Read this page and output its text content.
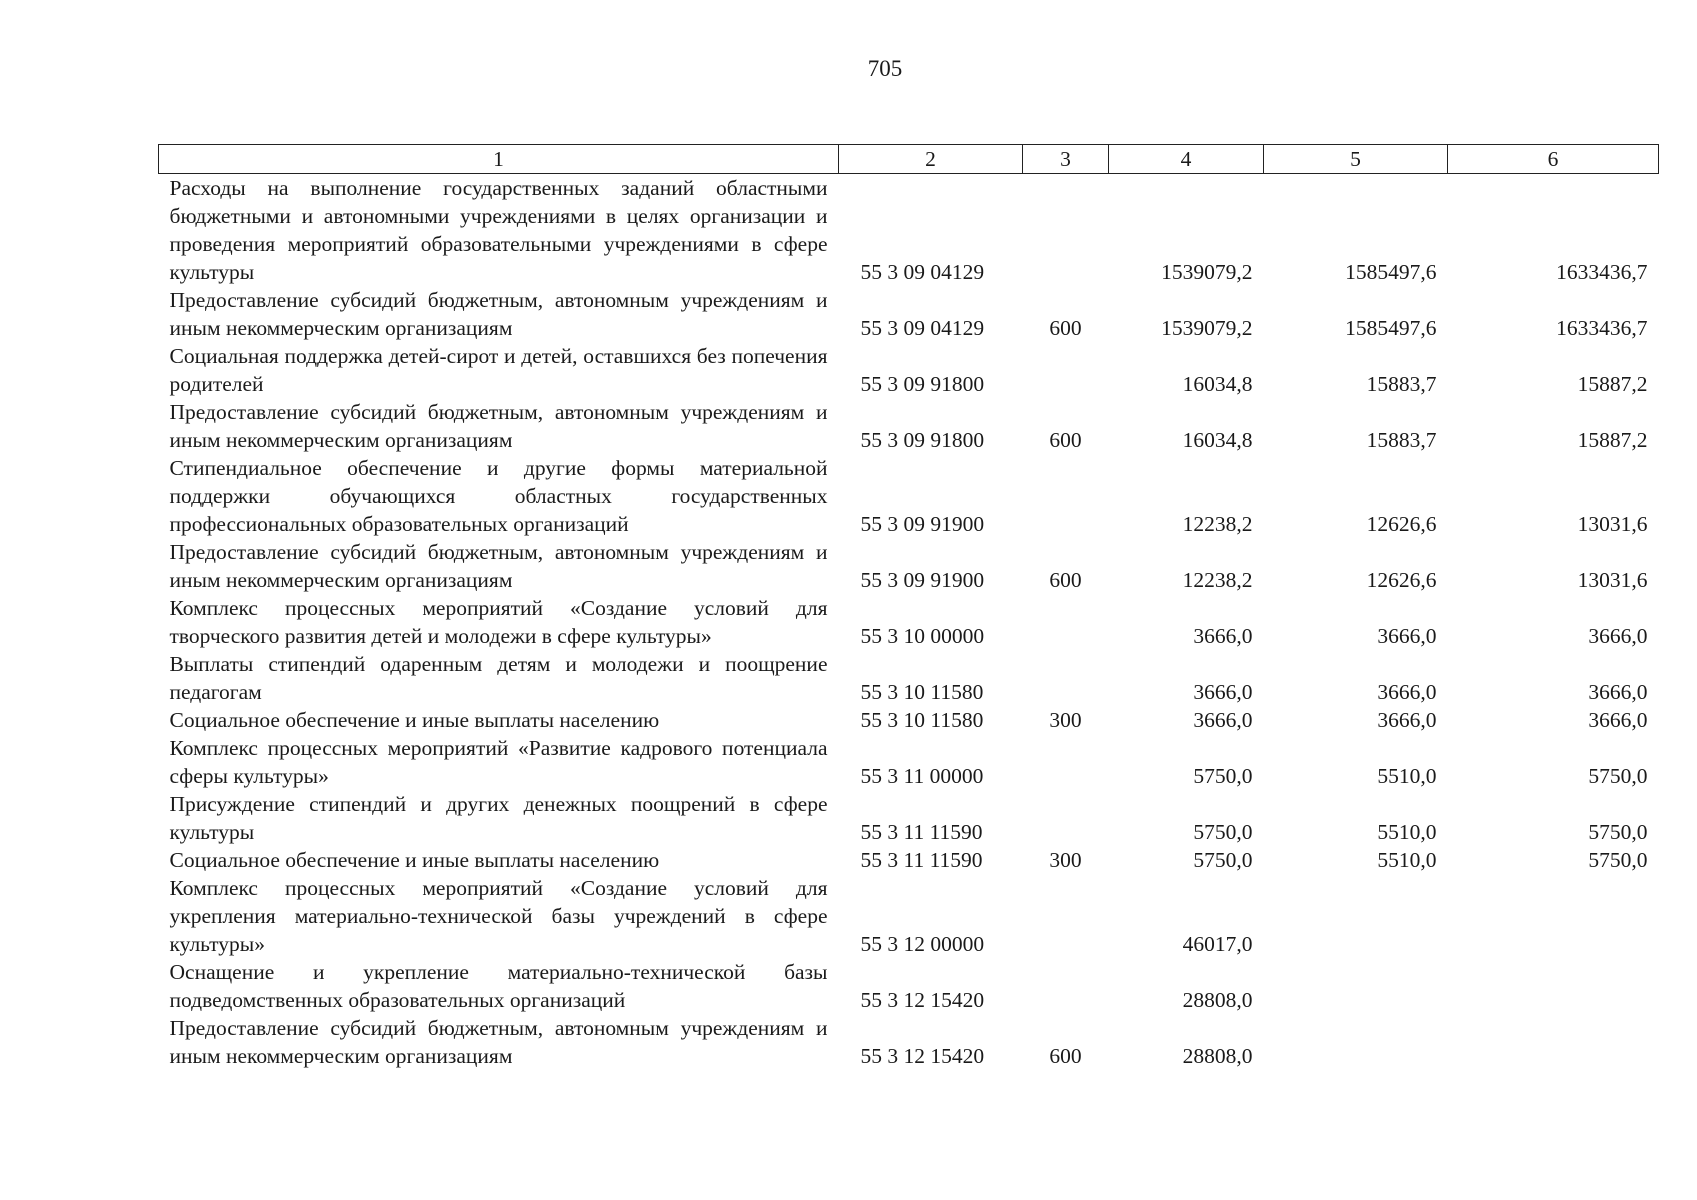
705
1	2	3	4	5	6
Расходы на выполнение государственных заданий областными бюджетными и автономными учреждениями в целях организации и проведения мероприятий образовательными учреждениями в сфере культуры	55 3 09 04129		1539079,2	1585497,6	1633436,7
Предоставление субсидий бюджетным, автономным учреждениям и иным некоммерческим организациям	55 3 09 04129	600	1539079,2	1585497,6	1633436,7
Социальная поддержка детей-сирот и детей, оставшихся без попечения родителей	55 3 09 91800		16034,8	15883,7	15887,2
Предоставление субсидий бюджетным, автономным учреждениям и иным некоммерческим организациям	55 3 09 91800	600	16034,8	15883,7	15887,2
Стипендиальное обеспечение и другие формы материальной поддержки обучающихся областных государственных профессиональных образовательных организаций	55 3 09 91900		12238,2	12626,6	13031,6
Предоставление субсидий бюджетным, автономным учреждениям и иным некоммерческим организациям	55 3 09 91900	600	12238,2	12626,6	13031,6
Комплекс процессных мероприятий «Создание условий для творческого развития детей и молодежи в сфере культуры»	55 3 10 00000		3666,0	3666,0	3666,0
Выплаты стипендий одаренным детям и молодежи и поощрение педагогам	55 3 10 11580		3666,0	3666,0	3666,0
Социальное обеспечение и иные выплаты населению	55 3 10 11580	300	3666,0	3666,0	3666,0
Комплекс процессных мероприятий «Развитие кадрового потенциала сферы культуры»	55 3 11 00000		5750,0	5510,0	5750,0
Присуждение стипендий и других денежных поощрений в сфере культуры	55 3 11 11590		5750,0	5510,0	5750,0
Социальное обеспечение и иные выплаты населению	55 3 11 11590	300	5750,0	5510,0	5750,0
Комплекс процессных мероприятий «Создание условий для укрепления материально-технической базы учреждений в сфере культуры»	55 3 12 00000		46017,0		
Оснащение и укрепление материально-технической базы подведомственных образовательных организаций	55 3 12 15420		28808,0		
Предоставление субсидий бюджетным, автономным учреждениям и иным некоммерческим организациям	55 3 12 15420	600	28808,0		
